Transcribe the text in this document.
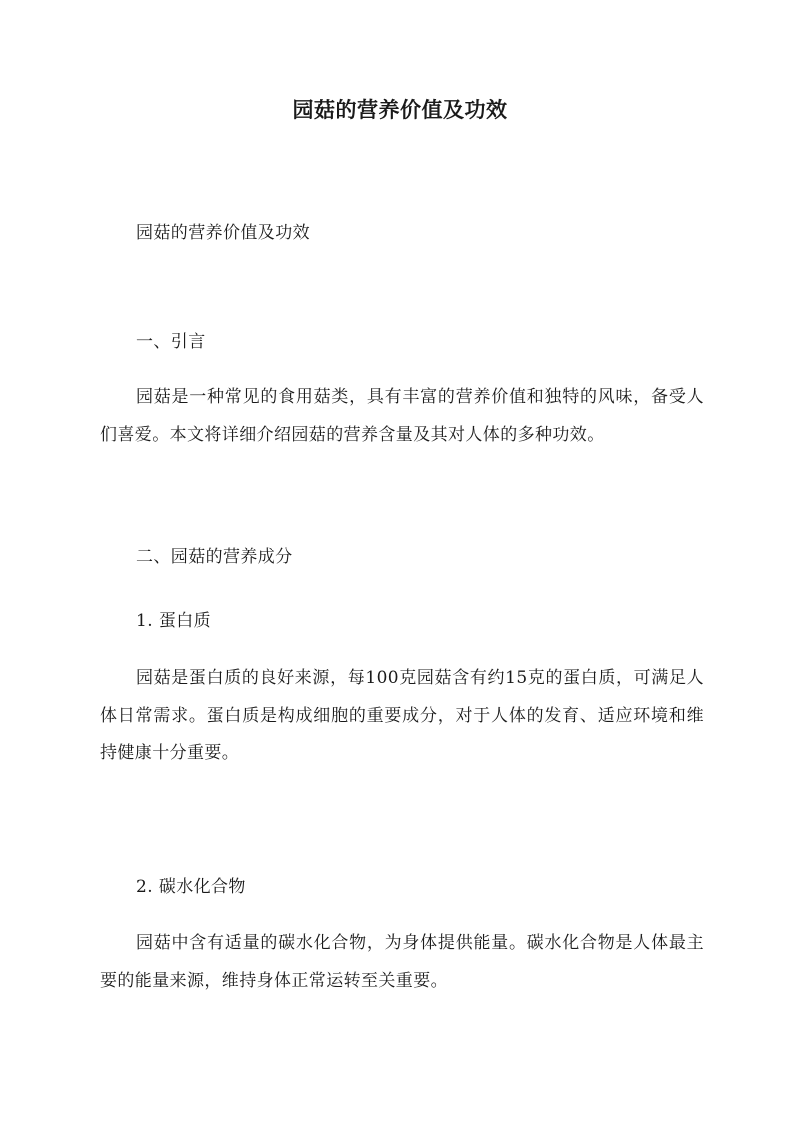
园菇的营养价值及功效
园菇的营养价值及功效
一、引言
园菇是一种常见的食用菇类，具有丰富的营养价值和独特的风味，备受人们喜爱。本文将详细介绍园菇的营养含量及其对人体的多种功效。
二、园菇的营养成分
1. 蛋白质
园菇是蛋白质的良好来源，每100克园菇含有约15克的蛋白质，可满足人体日常需求。蛋白质是构成细胞的重要成分，对于人体的发育、适应环境和维持健康十分重要。
2. 碳水化合物
园菇中含有适量的碳水化合物，为身体提供能量。碳水化合物是人体最主要的能量来源，维持身体正常运转至关重要。
